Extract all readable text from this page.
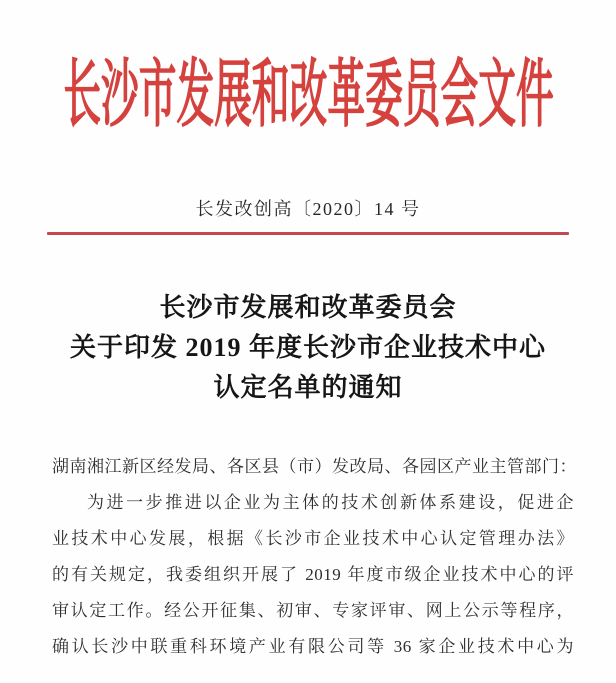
长沙市发展和改革委员会文件
长发改创高〔2020〕14 号
长沙市发展和改革委员会
关于印发 2019 年度长沙市企业技术中心
认定名单的通知
湖南湘江新区经发局、各区县（市）发改局、各园区产业主管部门：
为进一步推进以企业为主体的技术创新体系建设，促进企
业技术中心发展，根据《长沙市企业技术中心认定管理办法》
的有关规定，我委组织开展了 2019 年度市级企业技术中心的评
审认定工作。经公开征集、初审、专家评审、网上公示等程序，
确认长沙中联重科环境产业有限公司等 36 家企业技术中心为
